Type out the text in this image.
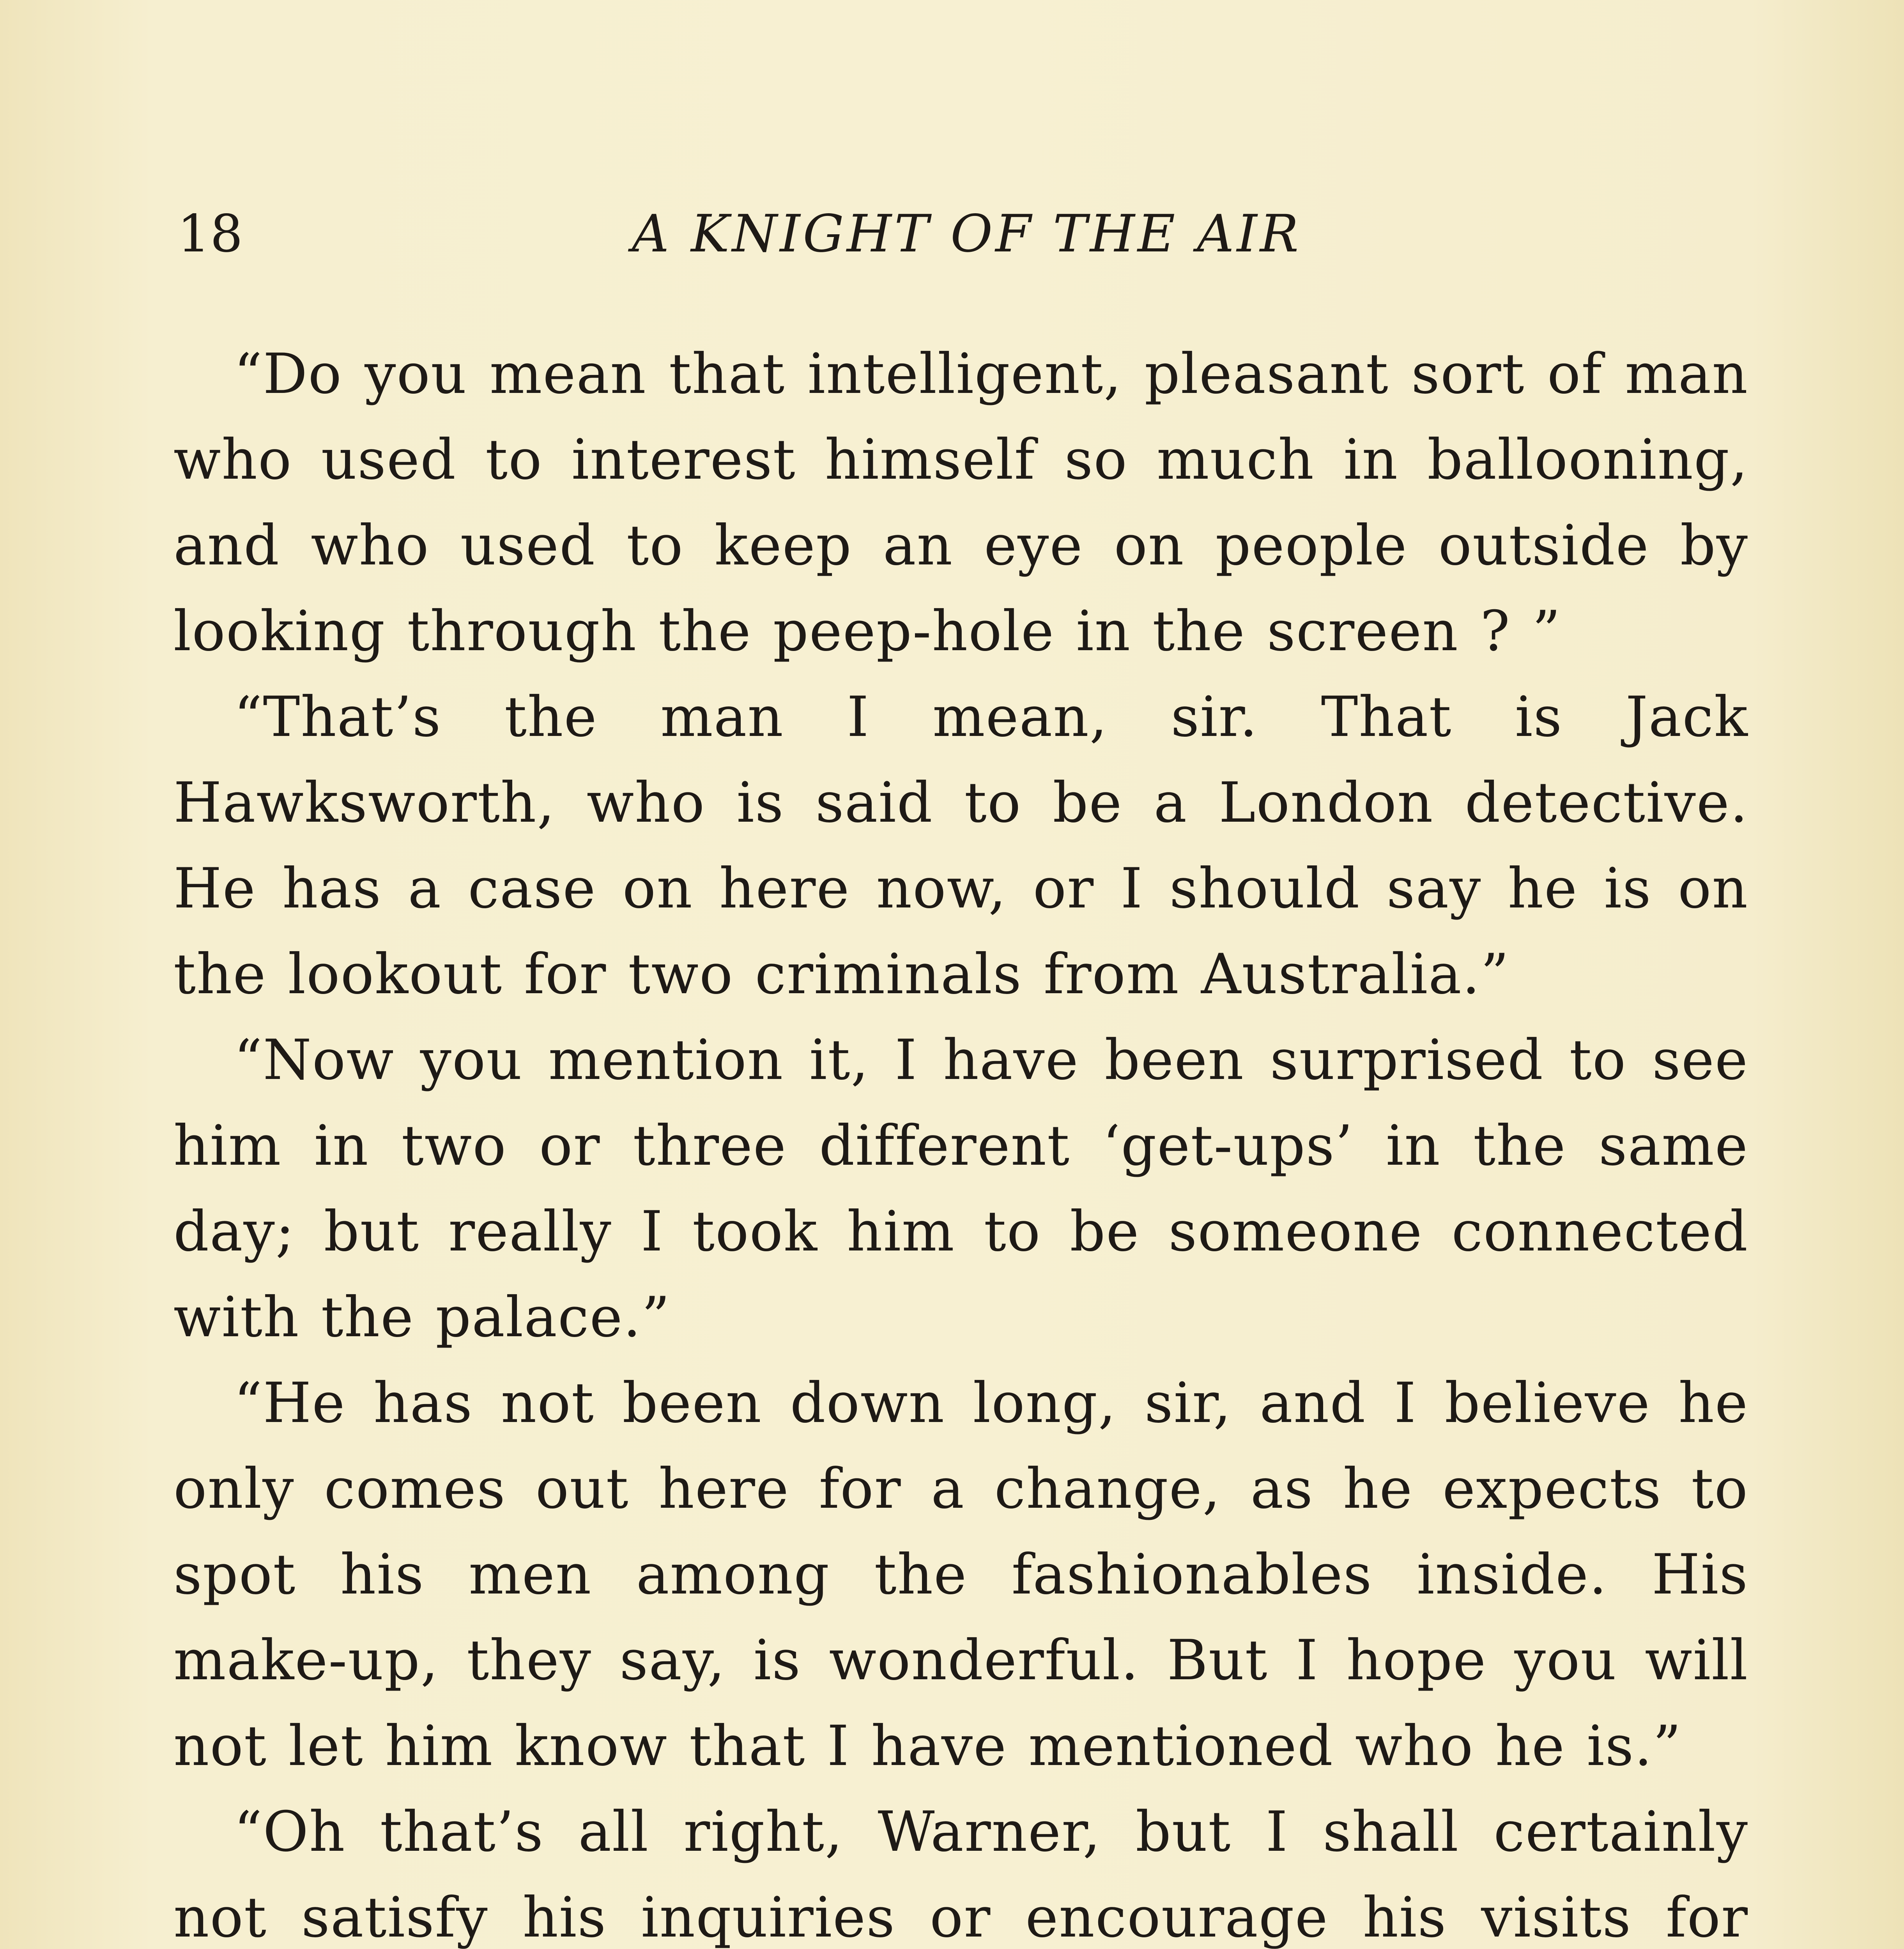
18	A KNIGHT OF THE AIR

“Do you mean that intelligent, pleasant sort of man who used to interest himself so much in ballooning, and who used to keep an eye on people outside by looking through the peep-hole in the screen ? ”

“That’s the man I mean, sir. That is Jack Hawksworth, who is said to be a London detective. He has a case on here now, or I should say he is on the lookout for two criminals from Australia.”

“Now you mention it, I have been surprised to see him in two or three different ‘get-ups’ in the same day; but really I took him to be someone connected with the palace.”

“He has not been down long, sir, and I believe he only comes out here for a change, as he expects to spot his men among the fashionables inside. His make-up, they say, is wonderful. But I hope you will not let him know that I have mentioned who he is.”

“Oh that’s all right, Warner, but I shall certainly not satisfy his inquiries or encourage his visits for
